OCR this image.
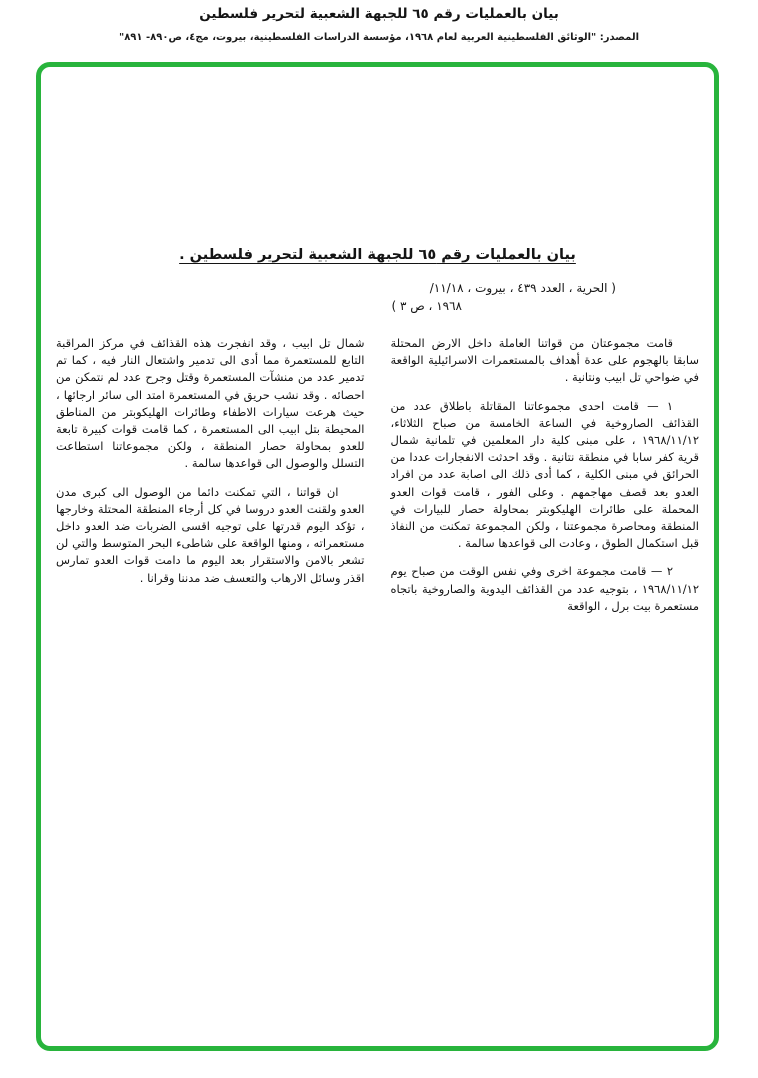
بيان بالعمليات رقم ٦٥ للجبهة الشعبية لتحرير فلسطين
المصدر: "الوثائق الفلسطينية العربية لعام ١٩٦٨، مؤسسة الدراسات الفلسطينية، بيروت، مج٤، ص٨٩٠- ٨٩١"
بيان بالعمليات رقم ٦٥ للجبهة الشعبية لتحرير فلسطين .
( الحرية ، العدد ٤٣٩ ، بيروت ، ١١/١٨/
١٩٦٨ ، ص ٣ )

قامت مجموعتان من قواتنا العاملة داخل الارض المحتلة سابقا بالهجوم على عدة أهداف بالمستعمرات الاسرائيلية الواقعة في ضواحي تل ابيب ونتانية .

١ — قامت احدى مجموعاتنا المقاتلة باطلاق عدد من القذائف الصاروخية في الساعة الخامسة من صباح الثلاثاء، ١٩٦٨/١١/١٢ ، على مبنى كلية دار المعلمين في تلمانية شمال قرية كفر سابا في منطقة نتانية . وقد احدثت الانفجارات عددا من الحرائق في مبنى الكلية ، كما أدى ذلك الى اصابة عدد من افراد العدو بعد قصف مهاجمهم . وعلى الفور ، قامت قوات العدو المحملة على طائرات الهليكوبتر بمحاولة حصار للبيارات في المنطقة ومحاصرة مجموعتنا ، ولكن المجموعة تمكنت من النفاذ قبل استكمال الطوق ، وعادت الى قواعدها سالمة .

٢ — قامت مجموعة اخرى وفي نفس الوقت من صباح يوم ١٩٦٨/١١/١٢ ، بتوجيه عدد من القذائف اليدوية والصاروخية باتجاه مستعمرة بيت برل ، الواقعة

شمال تل ابيب ، وقد انفجرت هذه القذائف في مركز المراقبة التابع للمستعمرة مما أدى الى تدمير واشتعال النار فيه ، كما تم تدمير عدد من منشآت المستعمرة وقتل وجرح عدد لم نتمكن من احصائه . وقد نشب حريق في المستعمرة امتد الى سائر ارجائها ، حيث هرعت سيارات الاطفاء وطائرات الهليكوبتر من المناطق المحيطة بتل ابيب الى المستعمرة ، كما قامت قوات كبيرة تابعة للعدو بمحاولة حصار المنطقة ، ولكن مجموعاتنا استطاعت التسلل والوصول الى قواعدها سالمة .

ان قواتنا ، التي تمكنت دائما من الوصول الى كبرى مدن العدو ولقنت العدو دروسا في كل أرجاء المنطقة المحتلة وخارجها ، تؤكد اليوم قدرتها على توجيه اقسى الضربات ضد العدو داخل مستعمراته ، ومنها الواقعة على شاطىء البحر المتوسط والتي لن تشعر بالامن والاستقرار بعد اليوم ما دامت قوات العدو تمارس اقذر وسائل الارهاب والتعسف ضد مدننا وقرانا .
